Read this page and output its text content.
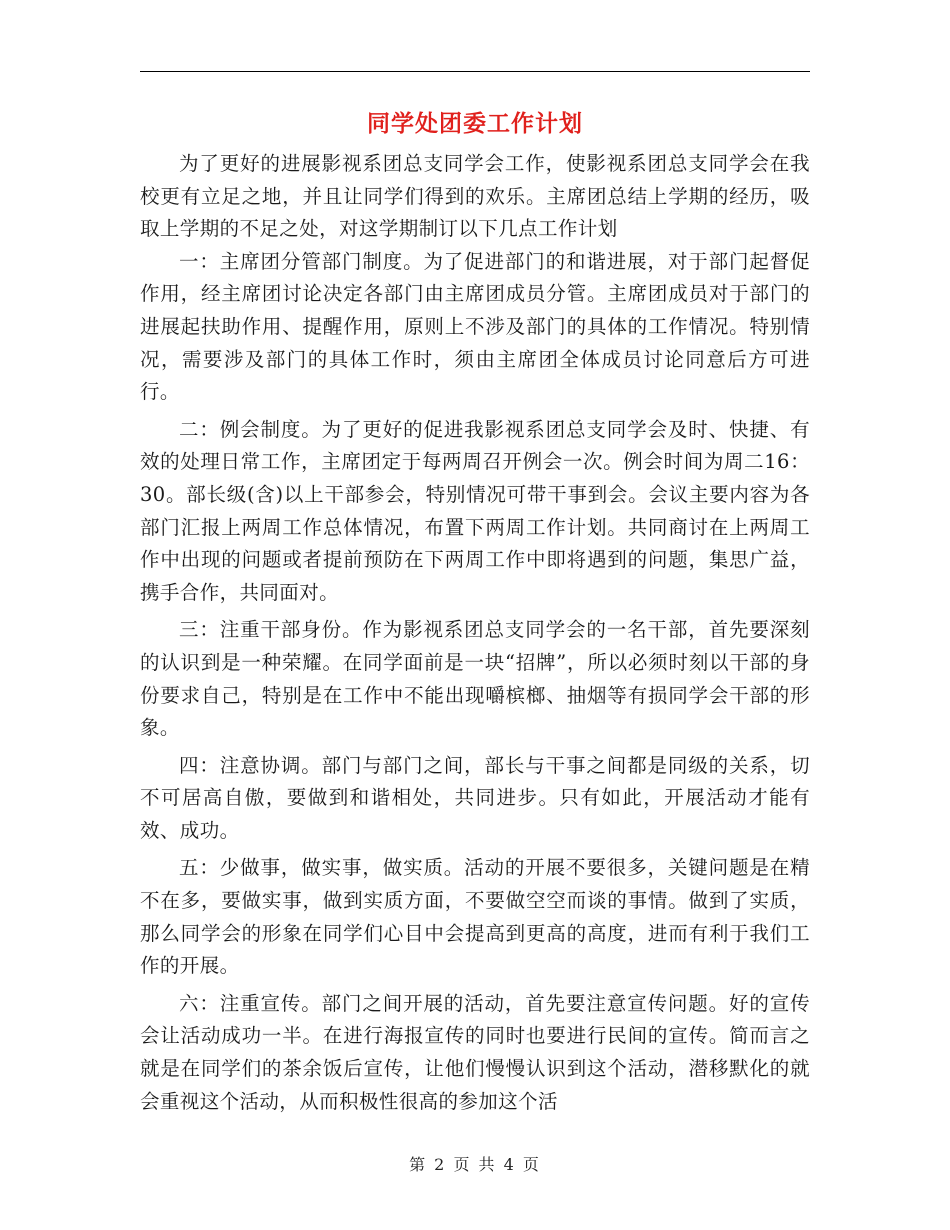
同学处团委工作计划

为了更好的进展影视系团总支同学会工作，使影视系团总支同学会在我校更有立足之地，并且让同学们得到的欢乐。主席团总结上学期的经历，吸取上学期的不足之处，对这学期制订以下几点工作计划

一：主席团分管部门制度。为了促进部门的和谐进展，对于部门起督促作用，经主席团讨论决定各部门由主席团成员分管。主席团成员对于部门的进展起扶助作用、提醒作用，原则上不涉及部门的具体的工作情况。特别情况，需要涉及部门的具体工作时，须由主席团全体成员讨论同意后方可进行。

二：例会制度。为了更好的促进我影视系团总支同学会及时、快捷、有效的处理日常工作，主席团定于每两周召开例会一次。例会时间为周二16：30。部长级(含)以上干部参会，特别情况可带干事到会。会议主要内容为各部门汇报上两周工作总体情况，布置下两周工作计划。共同商讨在上两周工作中出现的问题或者提前预防在下两周工作中即将遇到的问题，集思广益，携手合作，共同面对。

三：注重干部身份。作为影视系团总支同学会的一名干部，首先要深刻的认识到是一种荣耀。在同学面前是一块“招牌”，所以必须时刻以干部的身份要求自己，特别是在工作中不能出现嚼槟榔、抽烟等有损同学会干部的形象。

四：注意协调。部门与部门之间，部长与干事之间都是同级的关系，切不可居高自傲，要做到和谐相处，共同进步。只有如此，开展活动才能有效、成功。

五：少做事，做实事，做实质。活动的开展不要很多，关键问题是在精不在多，要做实事，做到实质方面，不要做空空而谈的事情。做到了实质，那么同学会的形象在同学们心目中会提高到更高的高度，进而有利于我们工作的开展。

六：注重宣传。部门之间开展的活动，首先要注意宣传问题。好的宣传会让活动成功一半。在进行海报宣传的同时也要进行民间的宣传。简而言之就是在同学们的茶余饭后宣传，让他们慢慢认识到这个活动，潜移默化的就会重视这个活动，从而积极性很高的参加这个活

第 2 页 共 4 页
